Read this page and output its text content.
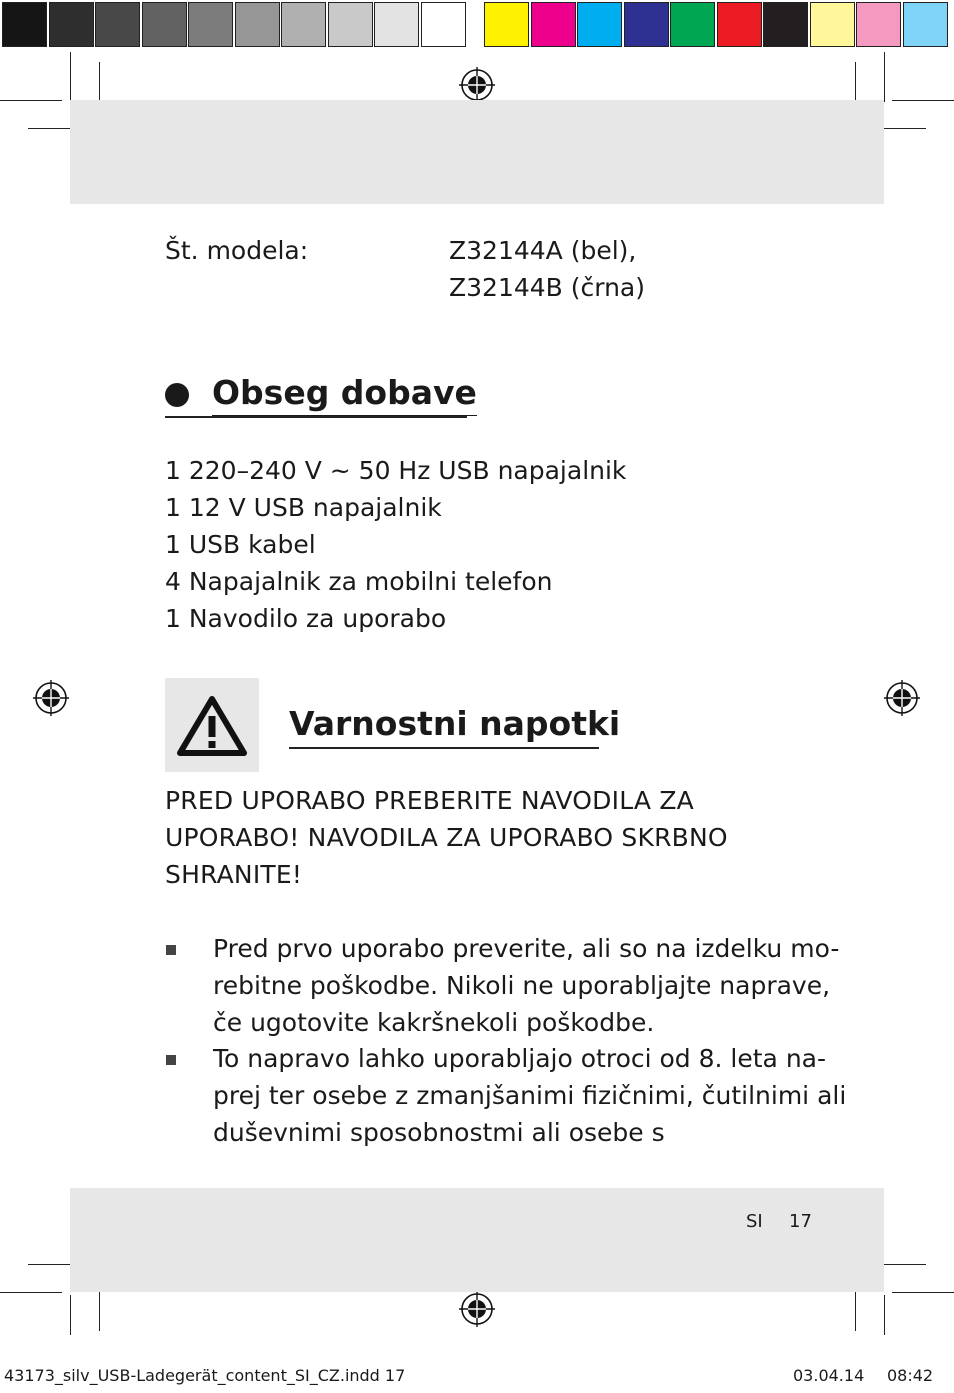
Št. modela:	Z32144A (bel),
Z32144B (črna)
Obseg dobave
1 220–240 V ~ 50 Hz USB napajalnik
1 12 V USB napajalnik
1 USB kabel
4 Napajalnik za mobilni telefon
1 Navodilo za uporabo
Varnostni napotki
PRED UPORABO PREBERITE NAVODILA ZA
UPORABO! NAVODILA ZA UPORABO SKRBNO
SHRANITE!
Pred prvo uporabo preverite, ali so na izdelku mo-
rebitne poškodbe. Nikoli ne uporabljajte naprave,
če ugotovite kakršnekoli poškodbe.
To napravo lahko uporabljajo otroci od 8. leta na-
prej ter osebe z zmanjšanimi fizičnimi, čutilnimi ali
duševnimi sposobnostmi ali osebe s
SI 17
43173_silv_USB-Ladegerät_content_SI_CZ.indd 17	03.04.14 08:42
